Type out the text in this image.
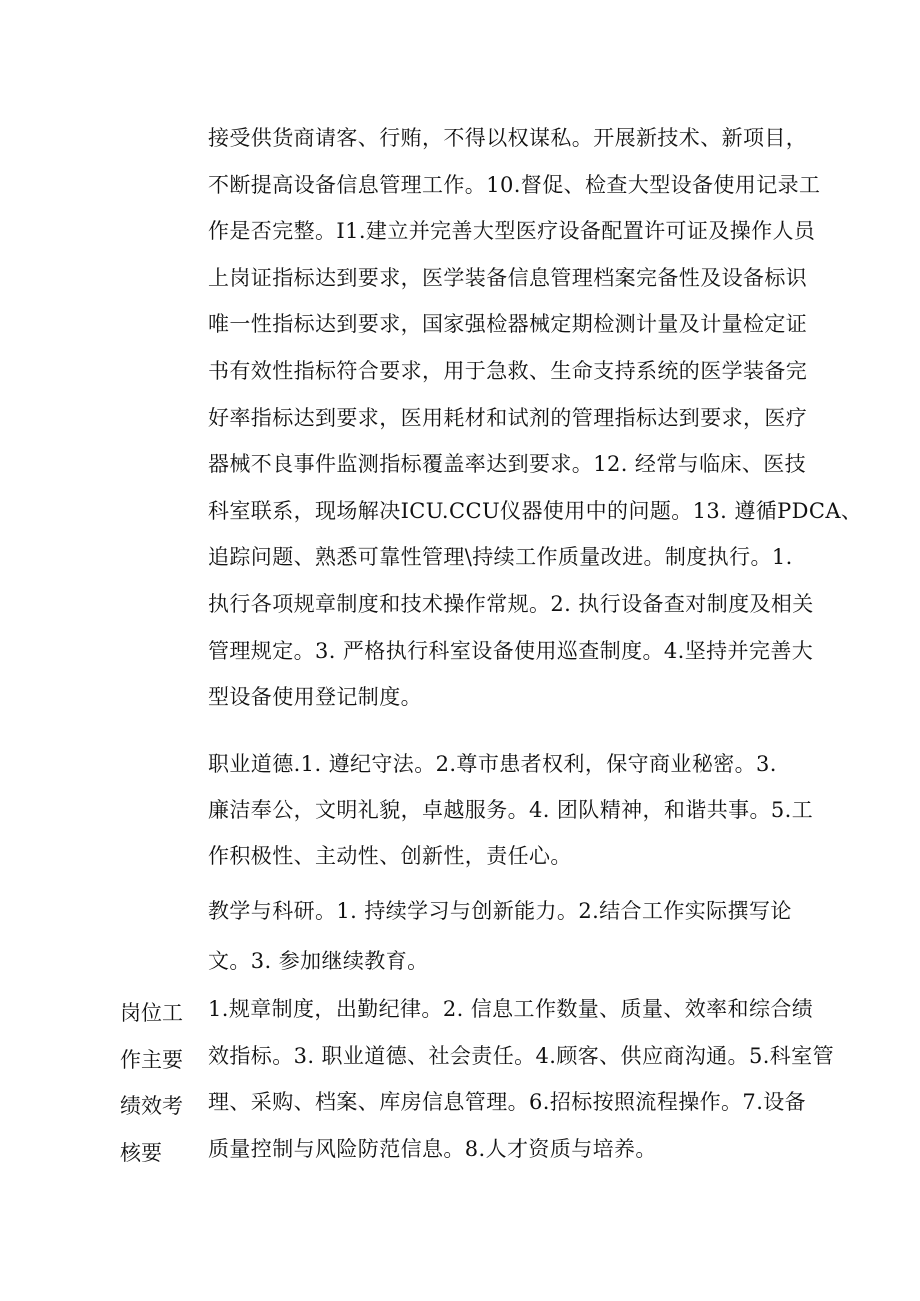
接受供货商请客、行贿，不得以权谋私。开展新技术、新项目，
不断提高设备信息管理工作。10.督促、检查大型设备使用记录工
作是否完整。I1.建立并完善大型医疗设备配置许可证及操作人员
上岗证指标达到要求，医学装备信息管理档案完备性及设备标识
唯一性指标达到要求，国家强检器械定期检测计量及计量检定证
书有效性指标符合要求，用于急救、生命支持系统的医学装备完
好率指标达到要求，医用耗材和试剂的管理指标达到要求，医疗
器械不良事件监测指标覆盖率达到要求。12. 经常与临床、医技
科室联系，现场解决ICU.CCU仪器使用中的问题。13. 遵循PDCA、
追踪问题、熟悉可靠性管理\持续工作质量改进。制度执行。1.
执行各项规章制度和技术操作常规。2. 执行设备查对制度及相关
管理规定。3. 严格执行科室设备使用巡查制度。4.坚持并完善大
型设备使用登记制度。
职业道德.1. 遵纪守法。2.尊市患者权利，保守商业秘密。3.
廉洁奉公，文明礼貌，卓越服务。4. 团队精神，和谐共事。5.工
作积极性、主动性、创新性，责任心。
教学与科研。1. 持续学习与创新能力。2.结合工作实际撰写论
文。3. 参加继续教育。
岗位工
作主要
绩效考
核要
1.规章制度，出勤纪律。2. 信息工作数量、质量、效率和综合绩
效指标。3. 职业道德、社会责任。4.顾客、供应商沟通。5.科室管
理、采购、档案、库房信息管理。6.招标按照流程操作。7.设备
质量控制与风险防范信息。8.人才资质与培养。
